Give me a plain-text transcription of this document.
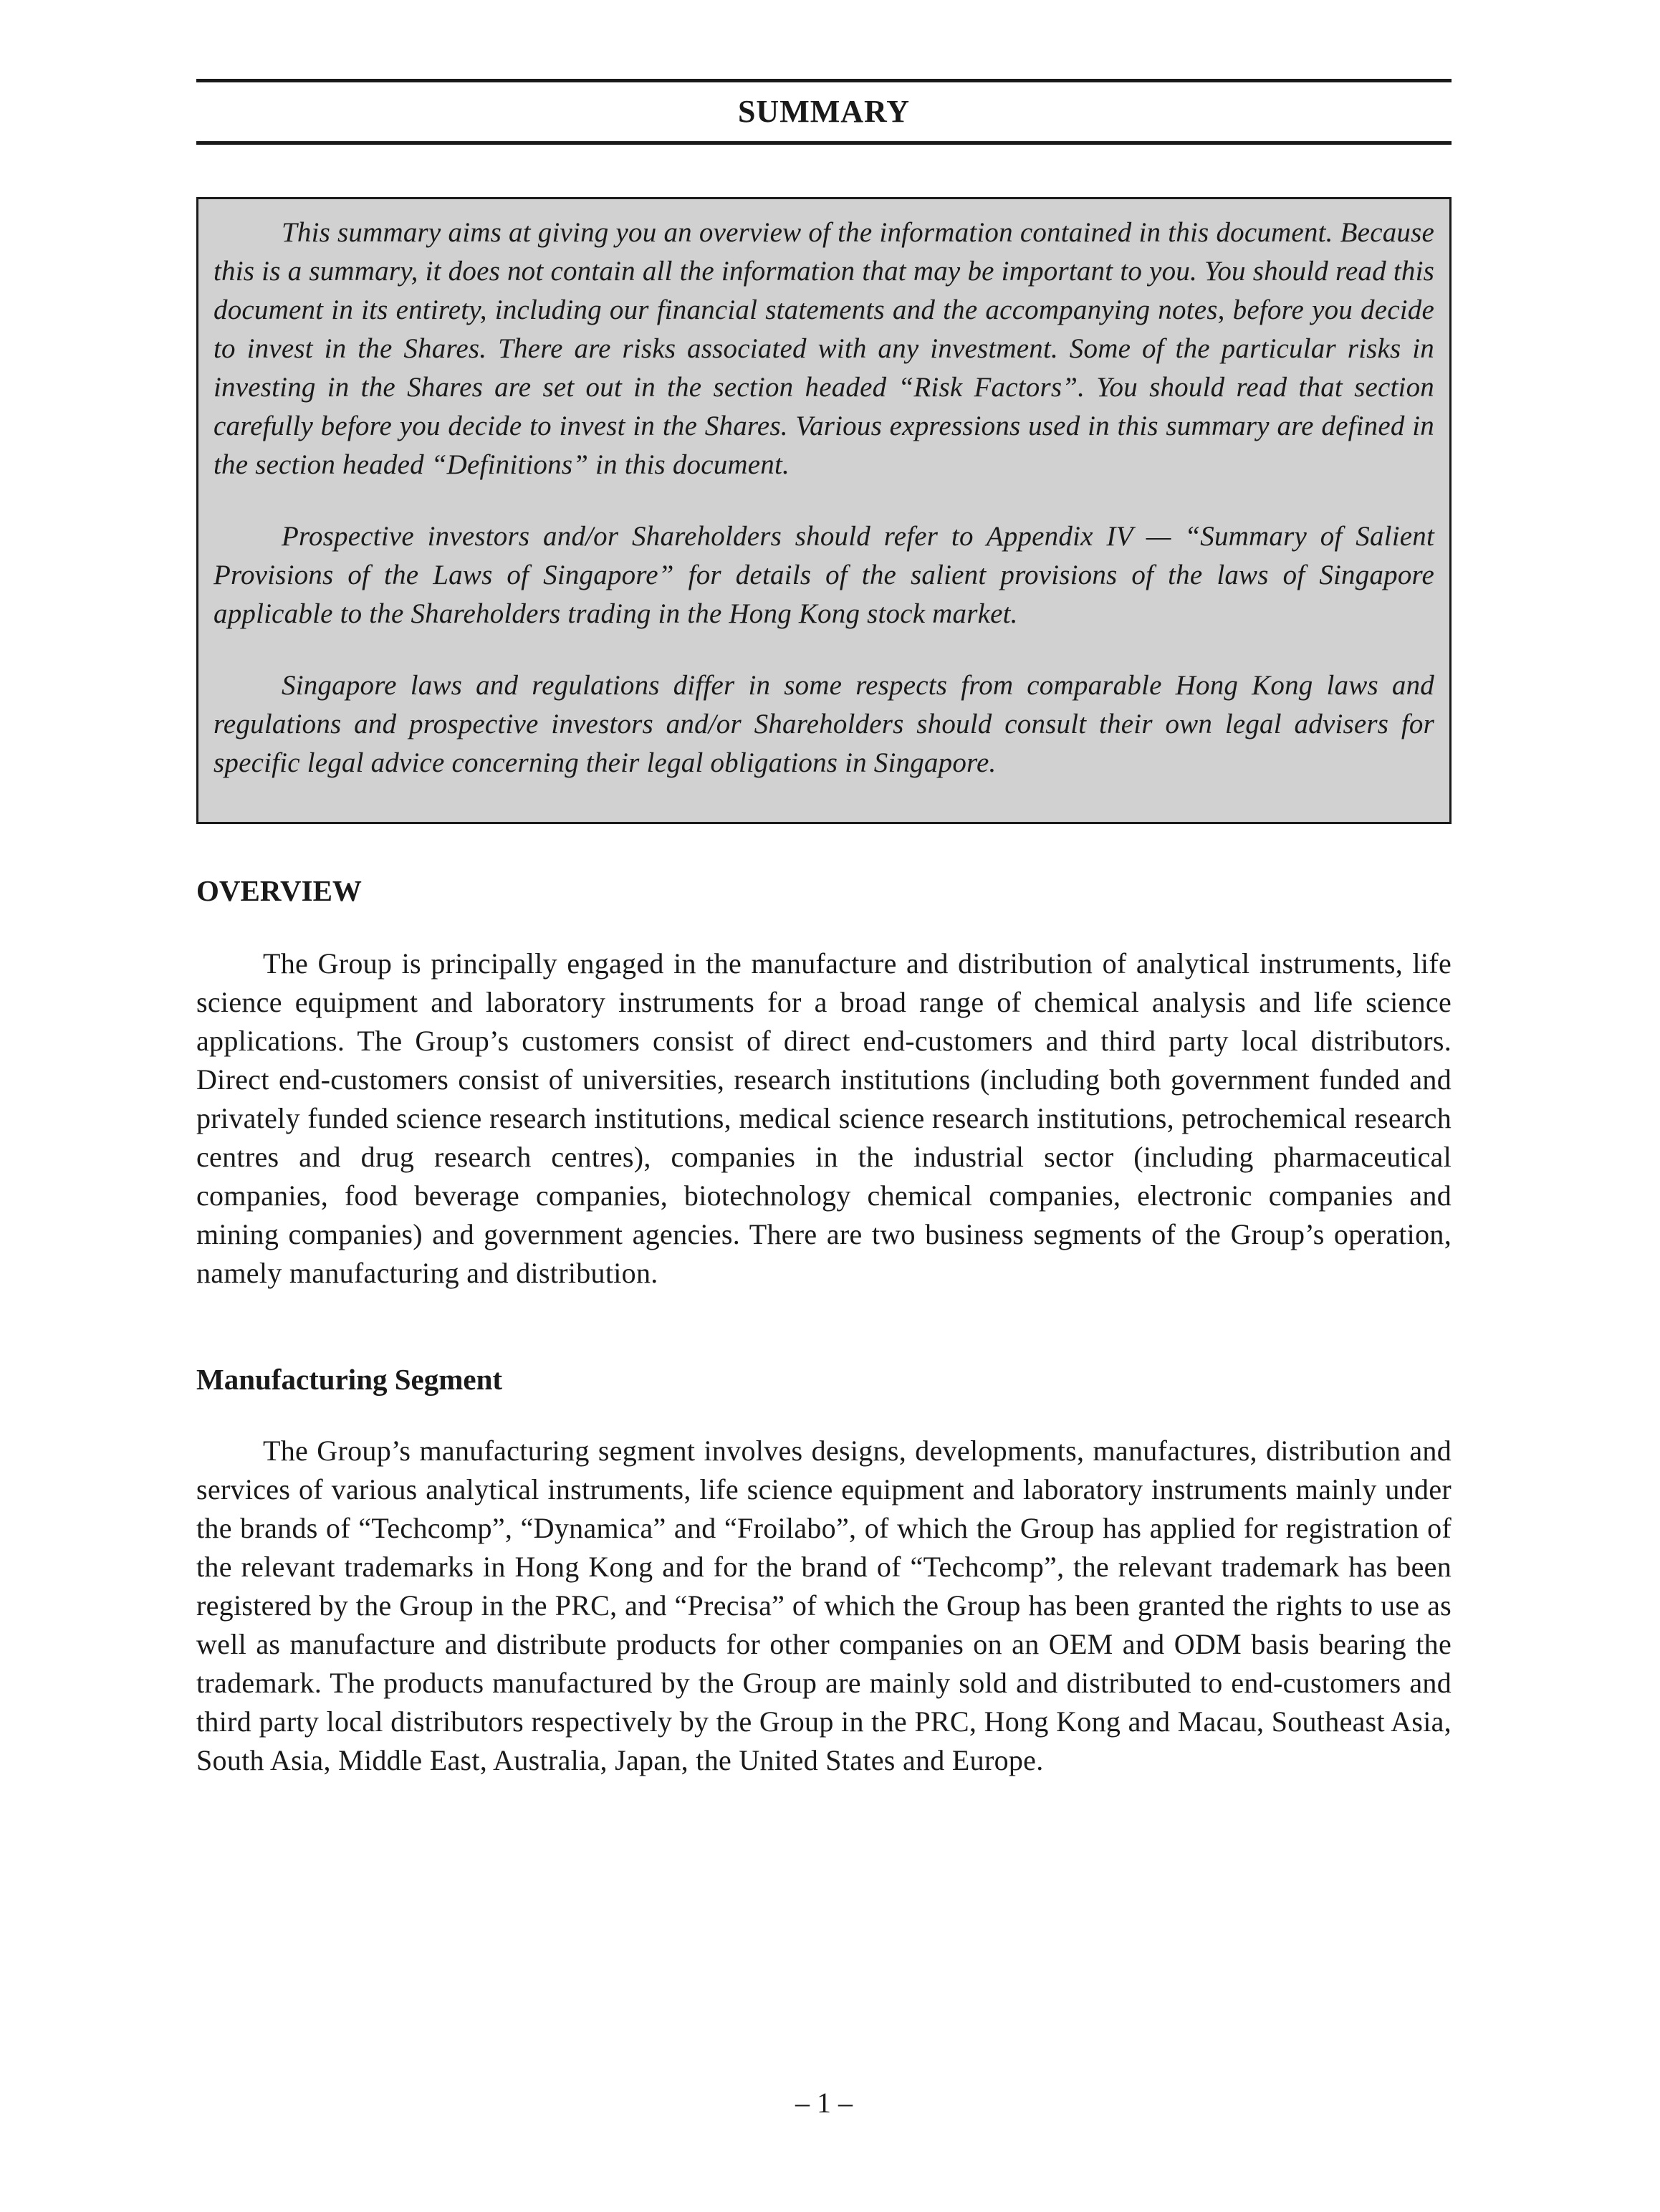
SUMMARY

This summary aims at giving you an overview of the information contained in this document. Because this is a summary, it does not contain all the information that may be important to you. You should read this document in its entirety, including our financial statements and the accompanying notes, before you decide to invest in the Shares. There are risks associated with any investment. Some of the particular risks in investing in the Shares are set out in the section headed “Risk Factors”. You should read that section carefully before you decide to invest in the Shares. Various expressions used in this summary are defined in the section headed “Definitions” in this document.

Prospective investors and/or Shareholders should refer to Appendix IV — “Summary of Salient Provisions of the Laws of Singapore” for details of the salient provisions of the laws of Singapore applicable to the Shareholders trading in the Hong Kong stock market.

Singapore laws and regulations differ in some respects from comparable Hong Kong laws and regulations and prospective investors and/or Shareholders should consult their own legal advisers for specific legal advice concerning their legal obligations in Singapore.

OVERVIEW

The Group is principally engaged in the manufacture and distribution of analytical instruments, life science equipment and laboratory instruments for a broad range of chemical analysis and life science applications. The Group’s customers consist of direct end-customers and third party local distributors. Direct end-customers consist of universities, research institutions (including both government funded and privately funded science research institutions, medical science research institutions, petrochemical research centres and drug research centres), companies in the industrial sector (including pharmaceutical companies, food beverage companies, biotechnology chemical companies, electronic companies and mining companies) and government agencies. There are two business segments of the Group’s operation, namely manufacturing and distribution.

Manufacturing Segment

The Group’s manufacturing segment involves designs, developments, manufactures, distribution and services of various analytical instruments, life science equipment and laboratory instruments mainly under the brands of “Techcomp”, “Dynamica” and “Froilabo”, of which the Group has applied for registration of the relevant trademarks in Hong Kong and for the brand of “Techcomp”, the relevant trademark has been registered by the Group in the PRC, and “Precisa” of which the Group has been granted the rights to use as well as manufacture and distribute products for other companies on an OEM and ODM basis bearing the trademark. The products manufactured by the Group are mainly sold and distributed to end-customers and third party local distributors respectively by the Group in the PRC, Hong Kong and Macau, Southeast Asia, South Asia, Middle East, Australia, Japan, the United States and Europe.

– 1 –
